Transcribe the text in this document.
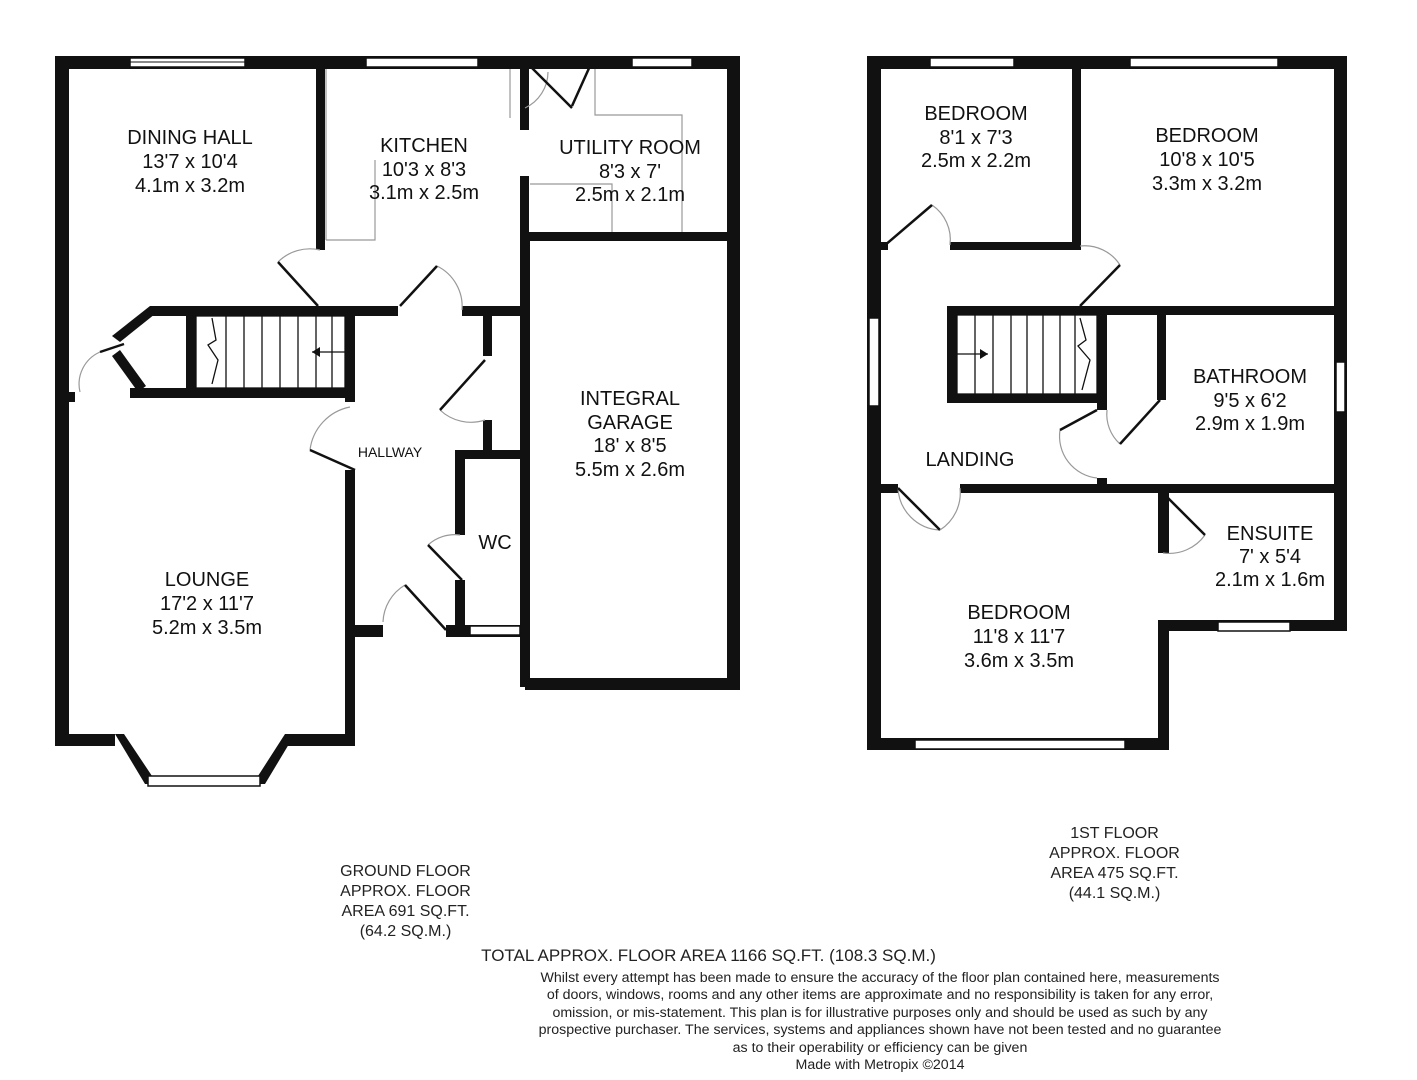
DINING HALL
13'7 x 10'4
4.1m x 3.2m
KITCHEN
10'3 x 8'3
3.1m x 2.5m
UTILITY ROOM
8'3 x 7'
2.5m x 2.1m
INTEGRAL
GARAGE
18' x 8'5
5.5m x 2.6m
HALLWAY
WC
LOUNGE
17'2 x 11'7
5.2m x 3.5m
BEDROOM
8'1 x 7'3
2.5m x 2.2m
BEDROOM
10'8 x 10'5
3.3m x 3.2m
BATHROOM
9'5 x 6'2
2.9m x 1.9m
LANDING
ENSUITE
7' x 5'4
2.1m x 1.6m
BEDROOM
11'8 x 11'7
3.6m x 3.5m
GROUND FLOOR
APPROX. FLOOR
AREA 691 SQ.FT.
(64.2 SQ.M.)
1ST FLOOR
APPROX. FLOOR
AREA 475 SQ.FT.
(44.1 SQ.M.)
TOTAL APPROX. FLOOR AREA 1166 SQ.FT. (108.3 SQ.M.)
Whilst every attempt has been made to ensure the accuracy of the floor plan contained here, measurements
of doors, windows, rooms and any other items are approximate and no responsibility is taken for any error,
omission, or mis-statement. This plan is for illustrative purposes only and should be used as such by any
prospective purchaser. The services, systems and appliances shown have not been tested and no guarantee
as to their operability or efficiency can be given
Made with Metropix ©2014
